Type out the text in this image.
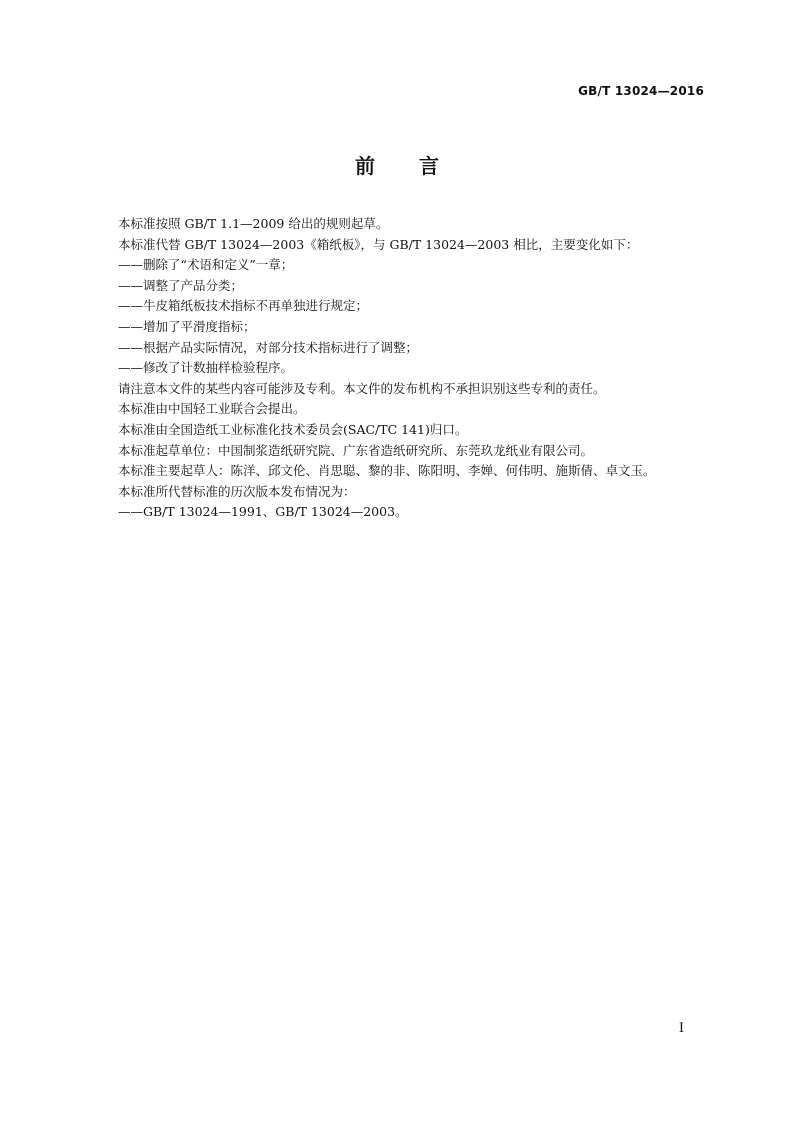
GB/T 13024—2016
前言
本标准按照 GB/T 1.1—2009 给出的规则起草。
本标准代替 GB/T 13024—2003《箱纸板》，与 GB/T 13024—2003 相比，主要变化如下：
——删除了“术语和定义”一章；
——调整了产品分类；
——牛皮箱纸板技术指标不再单独进行规定；
——增加了平滑度指标；
——根据产品实际情况，对部分技术指标进行了调整；
——修改了计数抽样检验程序。
请注意本文件的某些内容可能涉及专利。本文件的发布机构不承担识别这些专利的责任。
本标准由中国轻工业联合会提出。
本标准由全国造纸工业标准化技术委员会(SAC/TC 141)归口。
本标准起草单位：中国制浆造纸研究院、广东省造纸研究所、东莞玖龙纸业有限公司。
本标准主要起草人：陈洋、邱文伦、肖思聪、黎的非、陈阳明、李婵、何伟明、施斯倩、卓文玉。
本标准所代替标准的历次版本发布情况为：
——GB/T 13024—1991、GB/T 13024—2003。
I
